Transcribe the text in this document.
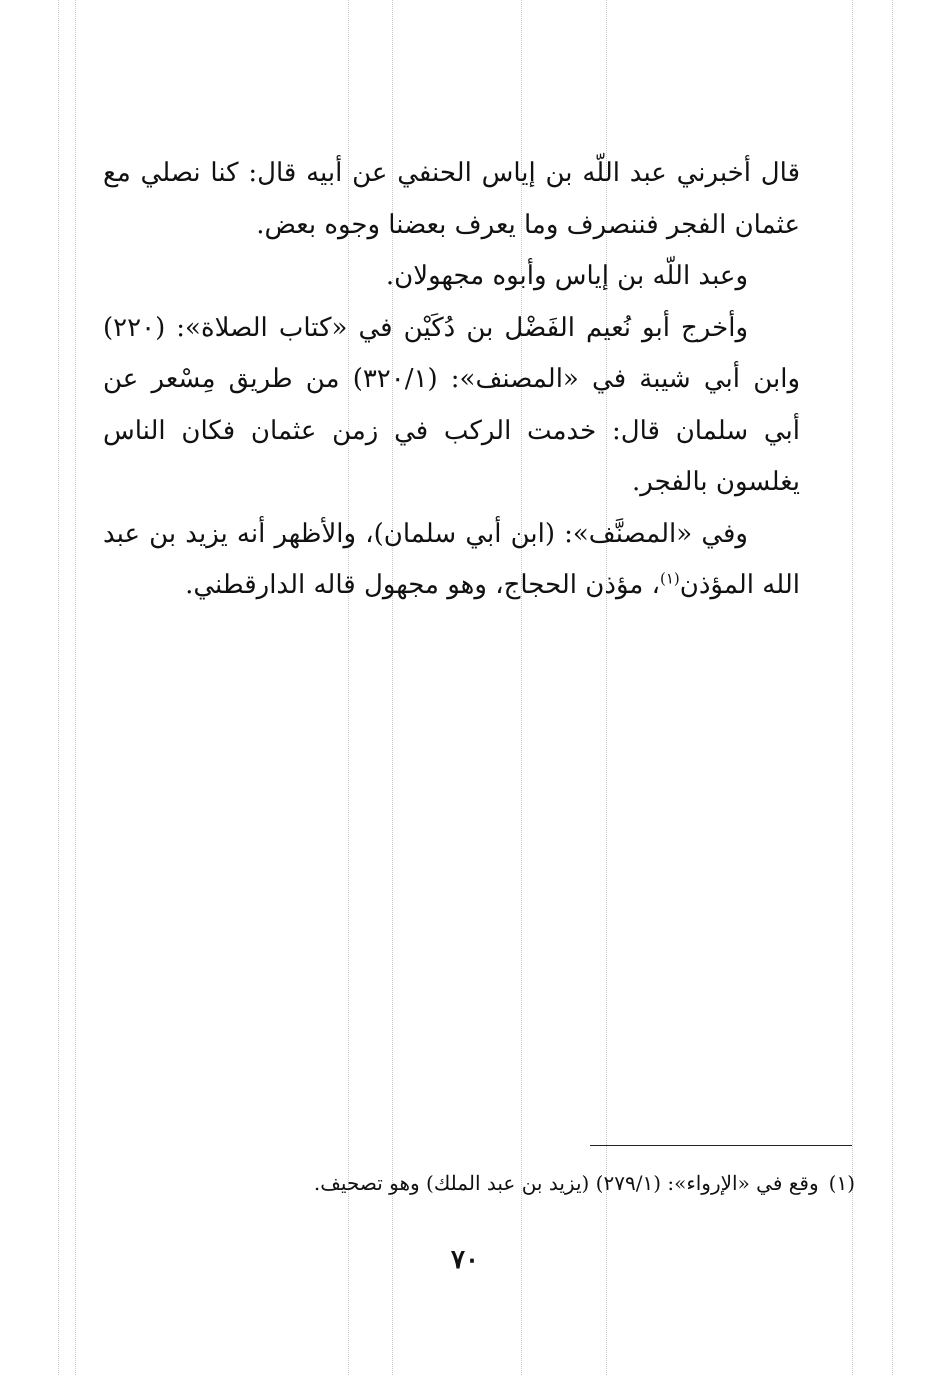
قال أخبرني عبد اللّه بن إياس الحنفي عن أبيه قال: كنا نصلي مع عثمان الفجر فننصرف وما يعرف بعضنا وجوه بعض.

وعبد اللّه بن إياس وأبوه مجهولان.

وأخرج أبو نُعيم الفَضْل بن دُكَيْن في «كتاب الصلاة»: (٢٢٠) وابن أبي شيبة في «المصنف»: (٣٢٠/١) من طريق مِسْعر عن أبي سلمان قال: خدمت الركب في زمن عثمان فكان الناس يغلسون بالفجر.

وفي «المصنَّف»: (ابن أبي سلمان)، والأظهر أنه يزيد بن عبد الله المؤذن$^{(١)}$، مؤذن الحجاج، وهو مجهول قاله الدارقطني.

(١)وقع في «الإرواء»: (٢٧٩/١) (يزيد بن عبد الملك) وهو تصحيف.
٧٠
